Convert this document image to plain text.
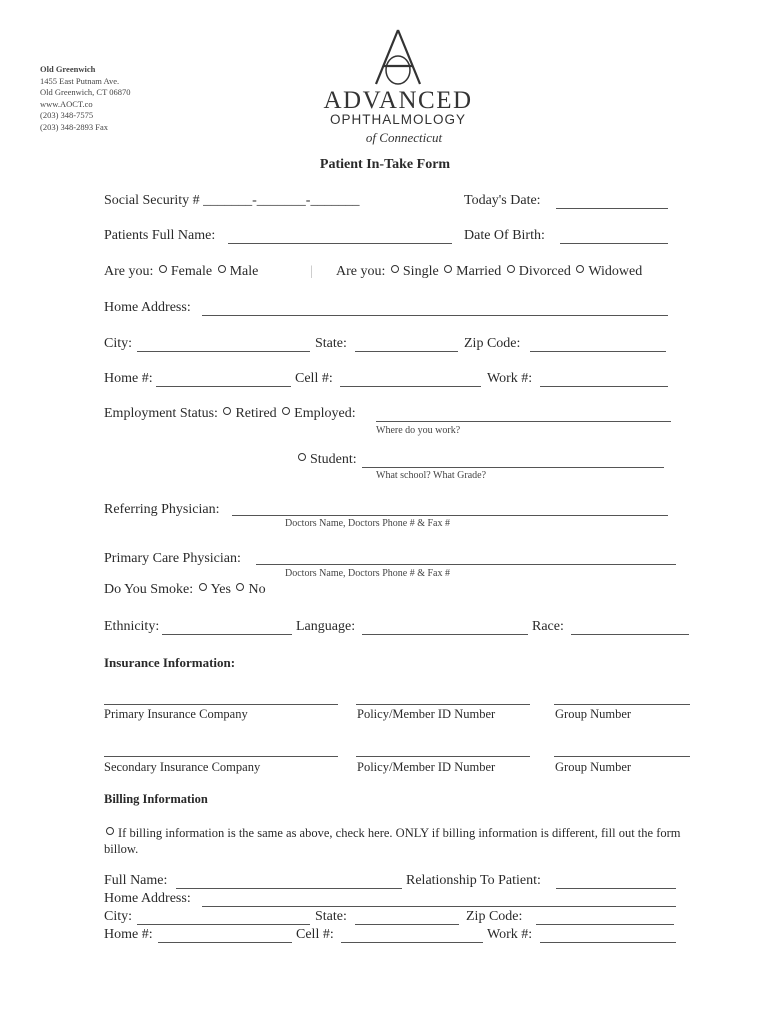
Old Greenwich
1455 East Putnam Ave.
Old Greenwich, CT 06870
www.AOCT.co
(203) 348-7575
(203) 348-2893 Fax
ADVANCED
OPHTHALMOLOGY
of Connecticut
Patient In-Take Form
Social Security # _______-_______-_______	Today's Date:
Patients Full Name:	Date Of Birth:
Are you: Female Male	| Are you: Single Married Divorced Widowed
Home Address:
City:	State:	Zip Code:
Home #:	Cell #:	Work #:
Employment Status: Retired Employed:
Where do you work?
Student:
What school? What Grade?
Referring Physician:
Doctors Name, Doctors Phone # & Fax #
Primary Care Physician:
Doctors Name, Doctors Phone # & Fax #
Do You Smoke: Yes No
Ethnicity:	Language:	Race:
Insurance Information:
Primary Insurance Company	Policy/Member ID Number	Group Number
Secondary Insurance Company	Policy/Member ID Number	Group Number
Billing Information
If billing information is the same as above, check here. ONLY if billing information is different, fill out the form billow.
Full Name:	Relationship To Patient:
Home Address:
City:	State:	Zip Code:
Home #:	Cell #:	Work #:
